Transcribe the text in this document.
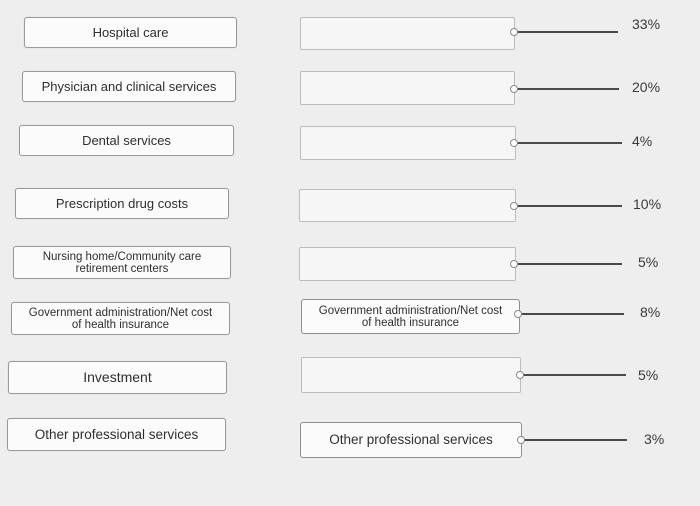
Hospital care
Physician and clinical services
Dental services
Prescription drug costs
Nursing home/Community care
retirement centers
Government administration/Net cost
of health insurance
Investment
Other professional services
Government administration/Net cost
of health insurance
Other professional services
33%
20%
4%
10%
5%
8%
5%
3%
